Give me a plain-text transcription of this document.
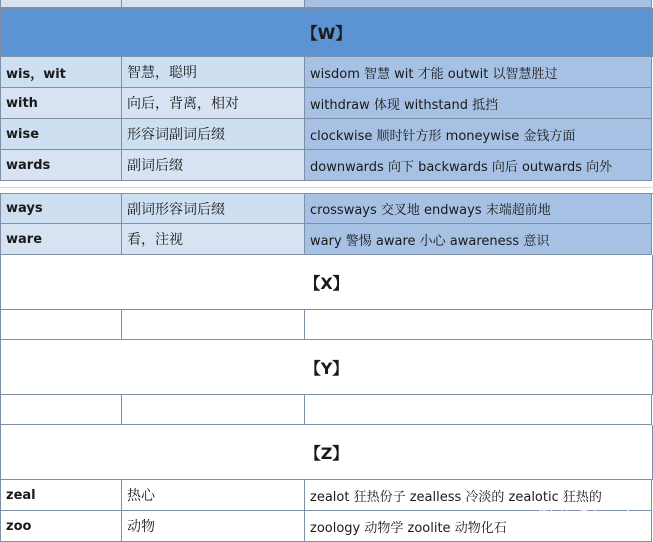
【W】
wis，wit	智慧，聪明	wisdom 智慧 wit 才能 outwit 以智慧胜过
with	向后，背离，相对	withdraw 体现 withstand 抵挡
wise	形容词副词后缀	clockwise 顺时针方形 moneywise 金钱方面
wards	副词后缀	downwards 向下 backwards 向后 outwards 向外
ways	副词形容词后缀	crossways 交叉地 endways 末端超前地
ware	看，注视	wary 警惕 aware 小心 awareness 意识
【X】
【Y】
【Z】
zeal	热心	zealot 狂热份子 zealless 冷淡的 zealotic 狂热的
zoo	动物	zoology 动物学 zoolite 动物化石
知乎 @Jessie
